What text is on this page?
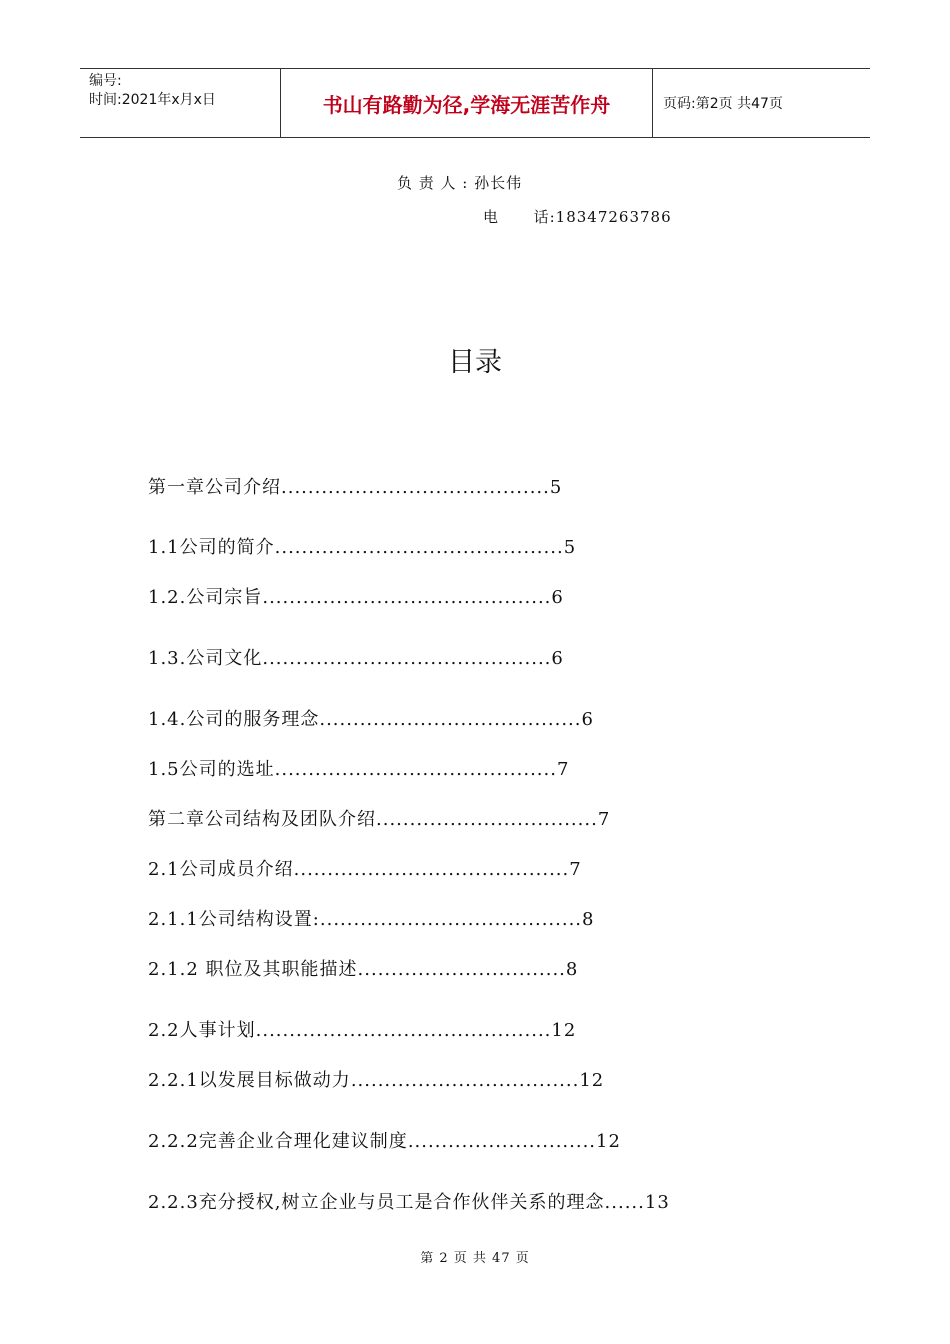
编号:
时间:2021年x月x日	书山有路勤为径,学海无涯苦作舟	页码:第2页 共47页
负 责 人 : 孙长伟
电      话:18347263786
目录
第一章公司介绍........................................5
1.1公司的简介...........................................5
1.2.公司宗旨...........................................6
1.3.公司文化...........................................6
1.4.公司的服务理念.......................................6
1.5公司的选址..........................................7
第二章公司结构及团队介绍.................................7
2.1公司成员介绍.........................................7
2.1.1公司结构设置:.......................................8
2.1.2 职位及其职能描述...............................8
2.2人事计划............................................12
2.2.1以发展目标做动力..................................12
2.2.2完善企业合理化建议制度............................12
2.2.3充分授权,树立企业与员工是合作伙伴关系的理念......13
第 2 页 共 47 页
